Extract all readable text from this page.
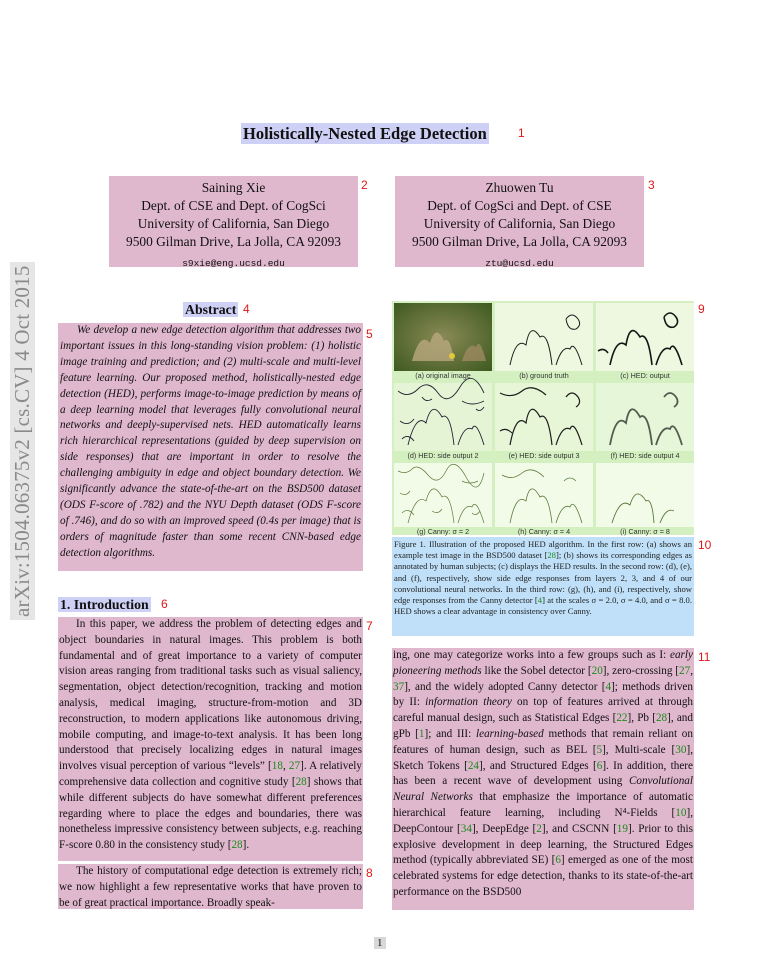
arXiv:1504.06375v2 [cs.CV] 4 Oct 2015
Holistically-Nested Edge Detection	1
Saining Xie
Dept. of CSE and Dept. of CogSci
University of California, San Diego
9500 Gilman Drive, La Jolla, CA 92093
s9xie@eng.ucsd.edu
2	Zhuowen Tu
Dept. of CogSci and Dept. of CSE
University of California, San Diego
9500 Gilman Drive, La Jolla, CA 92093
ztu@ucsd.edu
3
Abstract 4
We develop a new edge detection algorithm that addresses two important issues in this long-standing vision problem: (1) holistic image training and prediction; and (2) multi-scale and multi-level feature learning. Our proposed method, holistically-nested edge detection (HED), performs image-to-image prediction by means of a deep learning model that leverages fully convolutional neural networks and deeply-supervised nets. HED automatically learns rich hierarchical representations (guided by deep supervision on side responses) that are important in order to resolve the challenging ambiguity in edge and object boundary detection. We significantly advance the state-of-the-art on the BSD500 dataset (ODS F-score of .782) and the NYU Depth dataset (ODS F-score of .746), and do so with an improved speed (0.4s per image) that is orders of magnitude faster than some recent CNN-based edge detection algorithms.
5
1. Introduction 6
In this paper, we address the problem of detecting edges and object boundaries in natural images. This problem is both fundamental and of great importance to a variety of computer vision areas ranging from traditional tasks such as visual saliency, segmentation, object detection/recognition, tracking and motion analysis, medical imaging, structure-from-motion and 3D reconstruction, to modern applications like autonomous driving, mobile computing, and image-to-text analysis. It has been long understood that precisely localizing edges in natural images involves visual perception of various “levels” [18, 27]. A relatively comprehensive data collection and cognitive study [28] shows that while different subjects do have somewhat different preferences regarding where to place the edges and boundaries, there was nonetheless impressive consistency between subjects, e.g. reaching F-score 0.80 in the consistency study [28].
7
The history of computational edge detection is extremely rich; we now highlight a few representative works that have proven to be of great practical importance. Broadly speak-
8
(a) original image	(b) ground truth	(c) HED: output
(d) HED: side output 2	(e) HED: side output 3	(f) HED: side output 4
(g) Canny: σ = 2	(h) Canny: σ = 4	(i) Canny: σ = 8
9
Figure 1. Illustration of the proposed HED algorithm. In the first row: (a) shows an example test image in the BSD500 dataset [28]; (b) shows its corresponding edges as annotated by human subjects; (c) displays the HED results. In the second row: (d), (e), and (f), respectively, show side edge responses from layers 2, 3, and 4 of our convolutional neural networks. In the third row: (g), (h), and (i), respectively, show edge responses from the Canny detector [4] at the scales σ = 2.0, σ = 4.0, and σ = 8.0. HED shows a clear advantage in consistency over Canny.
10
ing, one may categorize works into a few groups such as I: early pioneering methods like the Sobel detector [20], zero-crossing [27, 37], and the widely adopted Canny detector [4]; methods driven by II: information theory on top of features arrived at through careful manual design, such as Statistical Edges [22], Pb [28], and gPb [1]; and III: learning-based methods that remain reliant on features of human design, such as BEL [5], Multi-scale [30], Sketch Tokens [24], and Structured Edges [6]. In addition, there has been a recent wave of development using Convolutional Neural Networks that emphasize the importance of automatic hierarchical feature learning, including N⁴-Fields [10], DeepContour [34], DeepEdge [2], and CSCNN [19]. Prior to this explosive development in deep learning, the Structured Edges method (typically abbreviated SE) [6] emerged as one of the most celebrated systems for edge detection, thanks to its state-of-the-art performance on the BSD500
11
1
